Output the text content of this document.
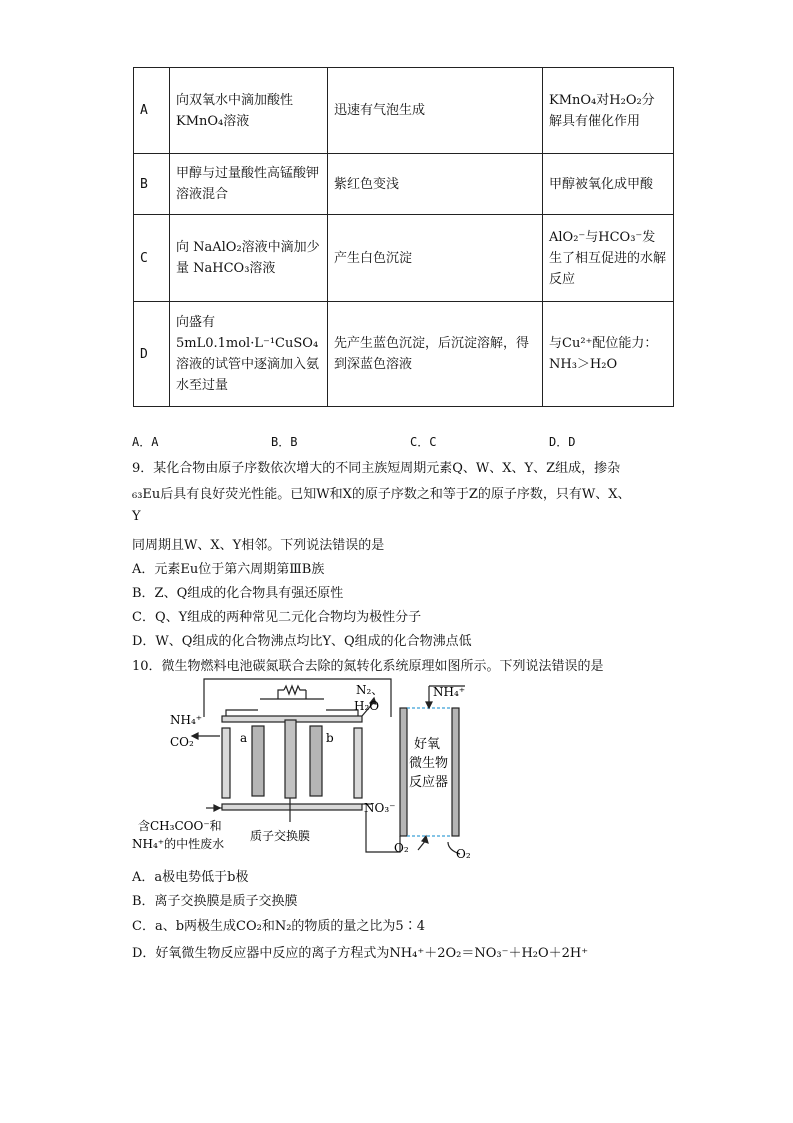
A	向双氧水中滴加酸性 KMnO₄溶液	迅速有气泡生成	KMnO₄对H₂O₂分解具有催化作用
B	甲醇与过量酸性高锰酸钾溶液混合	紫红色变浅	甲醇被氧化成甲酸
C	向 NaAlO₂溶液中滴加少量 NaHCO₃溶液	产生白色沉淀	AlO₂⁻与HCO₃⁻发生了相互促进的水解反应
D	向盛有 5mL0.1mol·L⁻¹CuSO₄溶液的试管中逐滴加入氨水至过量	先产生蓝色沉淀，后沉淀溶解，得到深蓝色溶液	与Cu²⁺配位能力：NH₃＞H₂O
A．A	B．B	C．C	D．D
9．某化合物由原子序数依次增大的不同主族短周期元素Q、W、X、Y、Z组成，掺杂
₆₃Eu后具有良好荧光性能。已知W和X的原子序数之和等于Z的原子序数，只有W、X、
Y
同周期且W、X、Y相邻。下列说法错误的是
A．元素Eu位于第六周期第ⅢB族
B．Z、Q组成的化合物具有强还原性
C．Q、Y组成的两种常见二元化合物均为极性分子
D．W、Q组成的化合物沸点均比Y、Q组成的化合物沸点低
10．微生物燃料电池碳氮联合去除的氮转化系统原理如图所示。下列说法错误的是
NH₄⁺
CO₂	a	b
N₂、
H₂O
NH₄⁺
好氧
微生物
反应器
NO₃⁻
含CH₃COO⁻和
NH₄⁺的中性废水
质子交换膜
O₂	O₂
A．a极电势低于b极
B．离子交换膜是质子交换膜
C．a、b两极生成CO₂和N₂的物质的量之比为5∶4
D．好氧微生物反应器中反应的离子方程式为NH₄⁺＋2O₂＝NO₃⁻＋H₂O＋2H⁺
